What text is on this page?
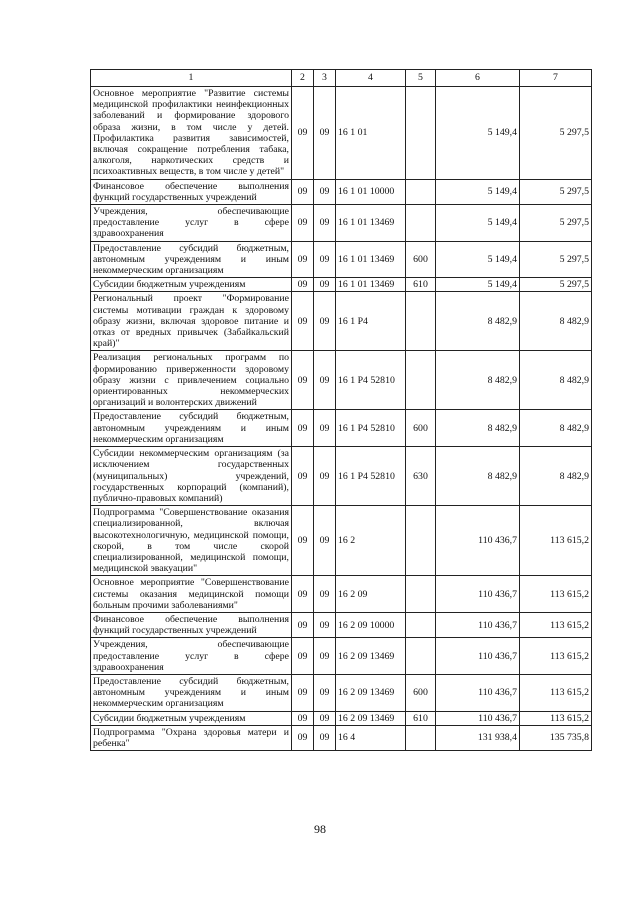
1	2	3	4	5	6	7
Основное мероприятие "Развитие системы медицинской профилактики неинфекционных заболеваний и формирование здорового образа жизни, в том числе у детей. Профилактика развития зависимостей, включая сокращение потребления табака, алкоголя, наркотических средств и психоактивных веществ, в том числе у детей"	09	09	16 1 01		5 149,4	5 297,5
Финансовое обеспечение выполнения функций государственных учреждений	09	09	16 1 01 10000		5 149,4	5 297,5
Учреждения, обеспечивающие предоставление услуг в сфере здравоохранения	09	09	16 1 01 13469		5 149,4	5 297,5
Предоставление субсидий бюджетным, автономным учреждениям и иным некоммерческим организациям	09	09	16 1 01 13469	600	5 149,4	5 297,5
Субсидии бюджетным учреждениям	09	09	16 1 01 13469	610	5 149,4	5 297,5
Региональный проект "Формирование системы мотивации граждан к здоровому образу жизни, включая здоровое питание и отказ от вредных привычек (Забайкальский край)"	09	09	16 1 P4		8 482,9	8 482,9
Реализация региональных программ по формированию приверженности здоровому образу жизни с привлечением социально ориентированных некоммерческих организаций и волонтерских движений	09	09	16 1 P4 52810		8 482,9	8 482,9
Предоставление субсидий бюджетным, автономным учреждениям и иным некоммерческим организациям	09	09	16 1 P4 52810	600	8 482,9	8 482,9
Субсидии некоммерческим организациям (за исключением государственных (муниципальных) учреждений, государственных корпораций (компаний), публично-правовых компаний)	09	09	16 1 P4 52810	630	8 482,9	8 482,9
Подпрограмма "Совершенствование оказания специализированной, включая высокотехнологичную, медицинской помощи, скорой, в том числе скорой специализированной, медицинской помощи, медицинской эвакуации"	09	09	16 2		110 436,7	113 615,2
Основное мероприятие "Совершенствование системы оказания медицинской помощи больным прочими заболеваниями"	09	09	16 2 09		110 436,7	113 615,2
Финансовое обеспечение выполнения функций государственных учреждений	09	09	16 2 09 10000		110 436,7	113 615,2
Учреждения, обеспечивающие предоставление услуг в сфере здравоохранения	09	09	16 2 09 13469		110 436,7	113 615,2
Предоставление субсидий бюджетным, автономным учреждениям и иным некоммерческим организациям	09	09	16 2 09 13469	600	110 436,7	113 615,2
Субсидии бюджетным учреждениям	09	09	16 2 09 13469	610	110 436,7	113 615,2
Подпрограмма "Охрана здоровья матери и ребенка"	09	09	16 4		131 938,4	135 735,8
98
